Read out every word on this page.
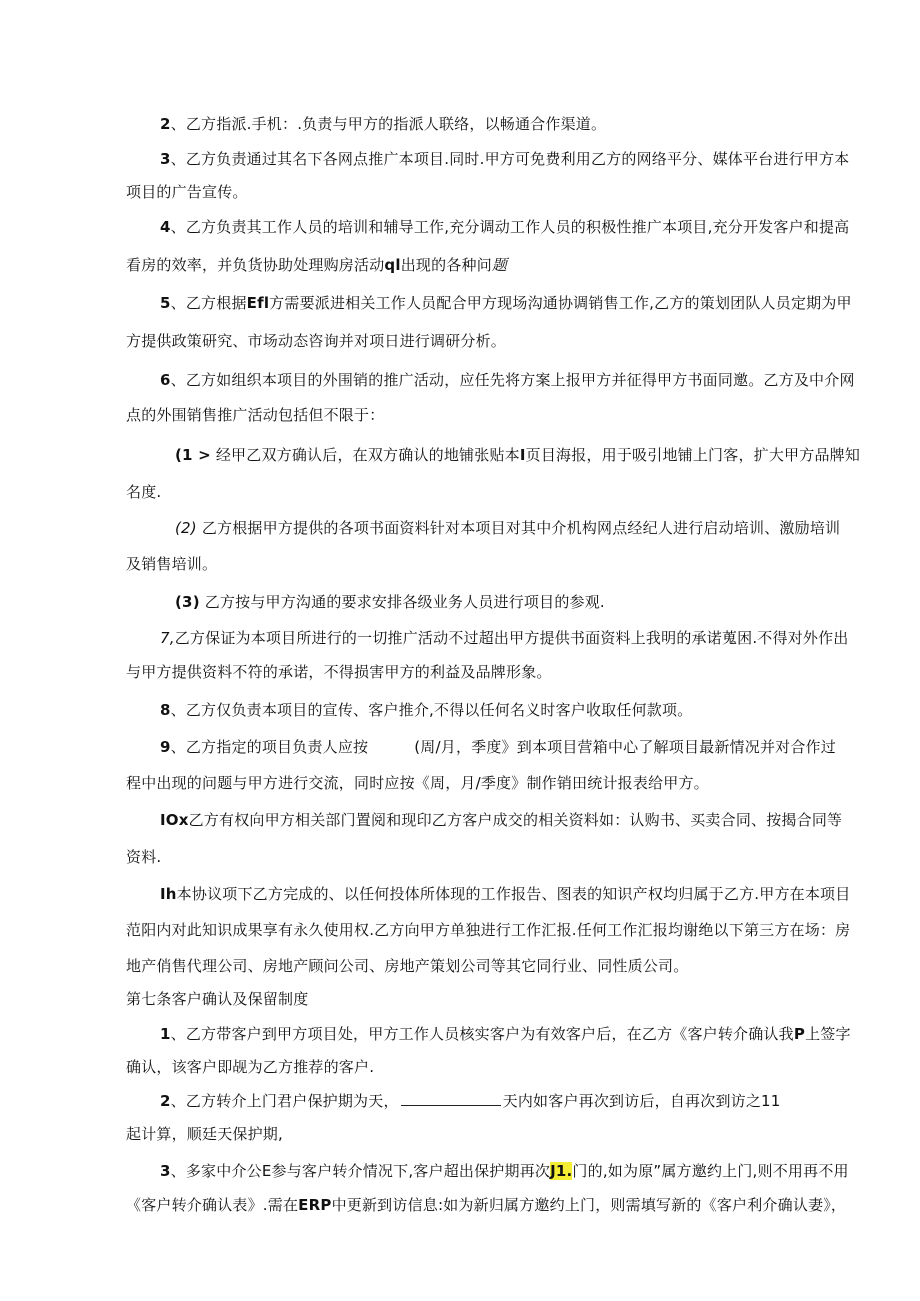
2、乙方指派.手机：.负责与甲方的指派人联络，以畅通合作渠道。

3、乙方负责通过其名下各网点推广本项目.同时.甲方可免费利用乙方的网络平分、媒体平台进行甲方本

项目的广告宣传。

4、乙方负责其工作人员的培训和辅导工作,充分调动工作人员的积极性推广本项目,充分开发客户和提高

看房的效率，并负货协助处理购房活动ql出现的各种问题

5、乙方根据Efl方需要派进相关工作人员配合甲方现场沟通协调销售工作,乙方的策划团队人员定期为甲

方提供政策研究、市场动态咨询并对项日进行调研分析。

6、乙方如组织本项目的外围销的推广活动，应任先将方案上报甲方并征得甲方书面同邀。乙方及中介网

点的外围销售推广活动包括但不限于：

(1 > 经甲乙双方确认后，在双方确认的地铺张贴本I页目海报，用于吸引地铺上门客，扩大甲方品牌知

名度.

(2) 乙方根据甲方提供的各项书面资料针对本项目对其中介机构网点经纪人进行启动培训、激励培训

及销售培训。

(3) 乙方按与甲方沟通的要求安排各级业务人员进行项目的参观.

7,乙方保证为本项目所进行的一切推广活动不过超出甲方提供书面资料上我明的承诺蒐困.不得对外作出

与甲方提供资料不符的承诺，不得损害甲方的利益及品牌形象。

8、乙方仅负责本项目的宣传、客户推介,不得以任何名义时客户收取任何款项。

9、乙方指定的项目负责人应按	(周/月，季度》到本项目营箱中心了解项目最新情况并对合作过

程中出现的问题与甲方进行交流，同时应按《周，月/季度》制作销田统计报表给甲方。

IOx乙方有权向甲方相关部门置阅和现印乙方客户成交的相关资料如：认购书、买卖合同、按揭合同等

资料.

Ih本协议项下乙方完成的、以任何投体所体现的工作报告、图表的知识产权均归属于乙方.甲方在本项目

范阳内对此知识成果享有永久使用权.乙方向甲方单独进行工作汇报.任何工作汇报均谢绝以下第三方在场：房

地产俏售代理公司、房地产顾问公司、房地产策划公司等其它同行业、同性质公司。

第七条客户确认及保留制度

1、乙方带客户到甲方项目处，甲方工作人员核实客户为有效客户后，在乙方《客户转介确认我P上签字

确认，该客户即觇为乙方推荐的客户.

2、乙方转介上门君户保护期为天，	天内如客户再次到访后，自再次到访之11

起计算，顺廷天保护期,

3、多家中介公E参与客户转介情况下,客户超出保护期再次J1.门的,如为原”属方邀约上门,则不用再不用

《客户转介确认表》.需在ERP中更新到访信息:如为新归属方邀约上门，则需填写新的《客户利介确认妻》，
